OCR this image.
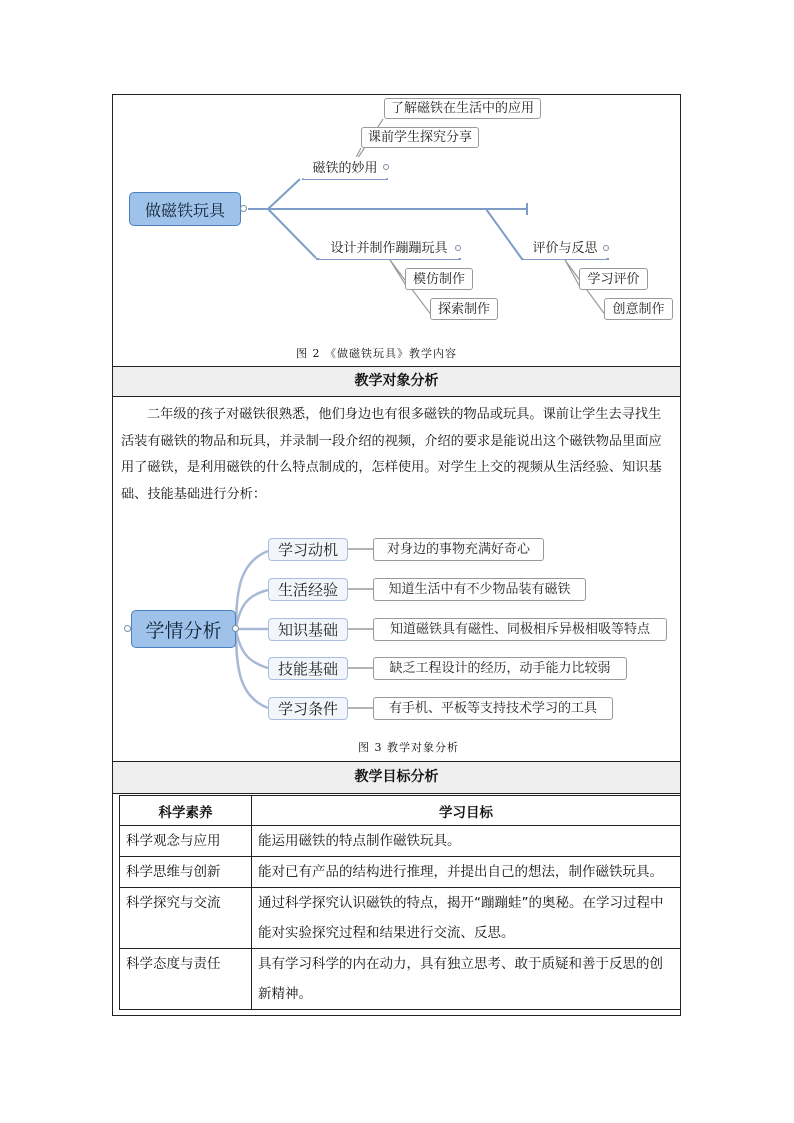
做磁铁玩具
了解磁铁在生活中的应用
课前学生探究分享
磁铁的妙用
设计并制作蹦蹦玩具
模仿制作
探索制作
评价与反思
学习评价
创意制作
图 2 《做磁铁玩具》教学内容
教学对象分析

二年级的孩子对磁铁很熟悉，他们身边也有很多磁铁的物品或玩具。课前让学生去寻找生活装有磁铁的物品和玩具，并录制一段介绍的视频，介绍的要求是能说出这个磁铁物品里面应用了磁铁，是利用磁铁的什么特点制成的，怎样使用。对学生上交的视频从生活经验、知识基础、技能基础进行分析：

学情分析
学习动机
生活经验
知识基础
技能基础
学习条件
对身边的事物充满好奇心
知道生活中有不少物品装有磁铁
知道磁铁具有磁性、同极相斥异极相吸等特点
缺乏工程设计的经历，动手能力比较弱
有手机、平板等支持技术学习的工具
图 3 教学对象分析
教学目标分析
科学素养	学习目标
科学观念与应用	能运用磁铁的特点制作磁铁玩具。
科学思维与创新	能对已有产品的结构进行推理，并提出自己的想法，制作磁铁玩具。
科学探究与交流	通过科学探究认识磁铁的特点，揭开“蹦蹦蛙”的奥秘。在学习过程中能对实验探究过程和结果进行交流、反思。
科学态度与责任	具有学习科学的内在动力，具有独立思考、敢于质疑和善于反思的创新精神。
